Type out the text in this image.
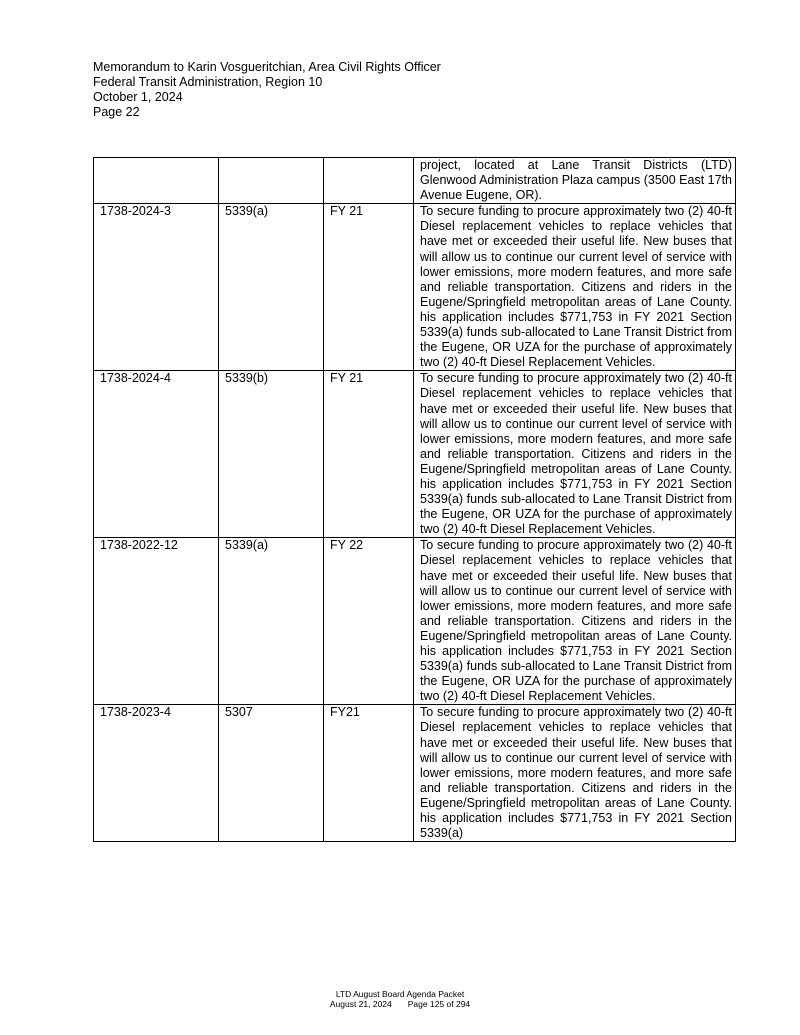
Memorandum to Karin Vosgueritchian, Area Civil Rights Officer
Federal Transit Administration, Region 10
October 1, 2024
Page 22
			project, located at Lane Transit Districts (LTD) Glenwood Administration Plaza campus (3500 East 17th Avenue Eugene, OR).
1738-2024-3	5339(a)	FY 21	To secure funding to procure approximately two (2) 40-ft Diesel replacement vehicles to replace vehicles that have met or exceeded their useful life. New buses that will allow us to continue our current level of service with lower emissions, more modern features, and more safe and reliable transportation. Citizens and riders in the Eugene/Springfield metropolitan areas of Lane County. his application includes $771,753 in FY 2021 Section 5339(a) funds sub-allocated to Lane Transit District from the Eugene, OR UZA for the purchase of approximately two (2) 40-ft Diesel Replacement Vehicles.
1738-2024-4	5339(b)	FY 21	To secure funding to procure approximately two (2) 40-ft Diesel replacement vehicles to replace vehicles that have met or exceeded their useful life. New buses that will allow us to continue our current level of service with lower emissions, more modern features, and more safe and reliable transportation. Citizens and riders in the Eugene/Springfield metropolitan areas of Lane County. his application includes $771,753 in FY 2021 Section 5339(a) funds sub-allocated to Lane Transit District from the Eugene, OR UZA for the purchase of approximately two (2) 40-ft Diesel Replacement Vehicles.
1738-2022-12	5339(a)	FY 22	To secure funding to procure approximately two (2) 40-ft Diesel replacement vehicles to replace vehicles that have met or exceeded their useful life. New buses that will allow us to continue our current level of service with lower emissions, more modern features, and more safe and reliable transportation. Citizens and riders in the Eugene/Springfield metropolitan areas of Lane County. his application includes $771,753 in FY 2021 Section 5339(a) funds sub-allocated to Lane Transit District from the Eugene, OR UZA for the purchase of approximately two (2) 40-ft Diesel Replacement Vehicles.
1738-2023-4	5307	FY21	To secure funding to procure approximately two (2) 40-ft Diesel replacement vehicles to replace vehicles that have met or exceeded their useful life. New buses that will allow us to continue our current level of service with lower emissions, more modern features, and more safe and reliable transportation. Citizens and riders in the Eugene/Springfield metropolitan areas of Lane County. his application includes $771,753 in FY 2021 Section 5339(a)
LTD August Board Agenda Packet
August 21, 2024 Page 125 of 294
